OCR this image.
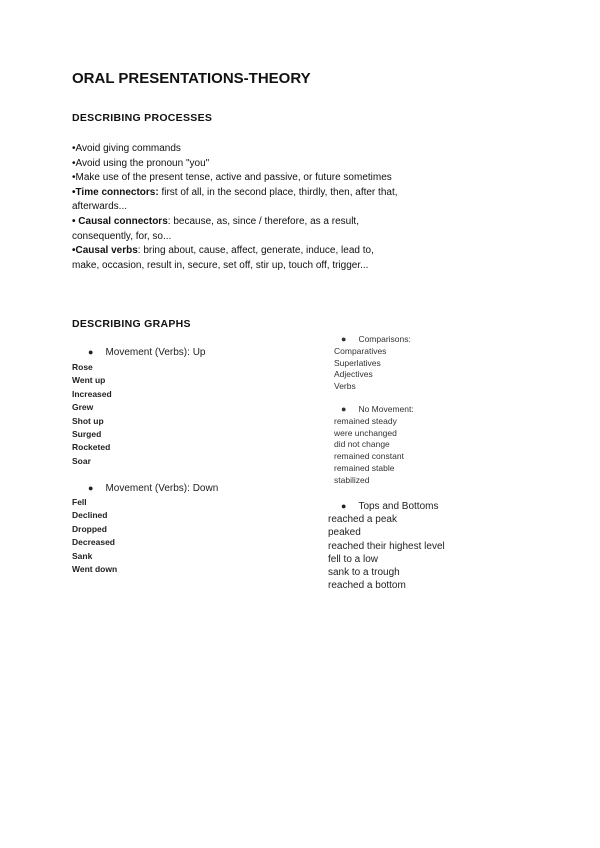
ORAL PRESENTATIONS-THEORY
DESCRIBING PROCESSES

•Avoid giving commands

•Avoid using the pronoun "you"

•Make use of the present tense, active and passive, or future sometimes

•Time connectors: first of all, in the second place, thirdly, then, after that, afterwards...

• Causal connectors: because, as, since / therefore, as a result, consequently, for, so...

•Causal verbs: bring about, cause, affect, generate, induce, lead to, make, occasion, result in, secure, set off, stir up, touch off, trigger...

DESCRIBING GRAPHS
● Movement (Verbs): Up
Rose
Went up
Increased
Grew
Shot up
Surged
Rocketed
Soar
● Movement (Verbs): Down
Fell
Declined
Dropped
Decreased
Sank
Went down
● Comparisons:
Comparatives
Superlatives
Adjectives
Verbs
● No Movement:
remained steady
were unchanged
did not change
remained constant
remained stable
stabilized
● Tops and Bottoms
reached a peak
peaked
reached their highest level
fell to a low
sank to a trough
reached a bottom
